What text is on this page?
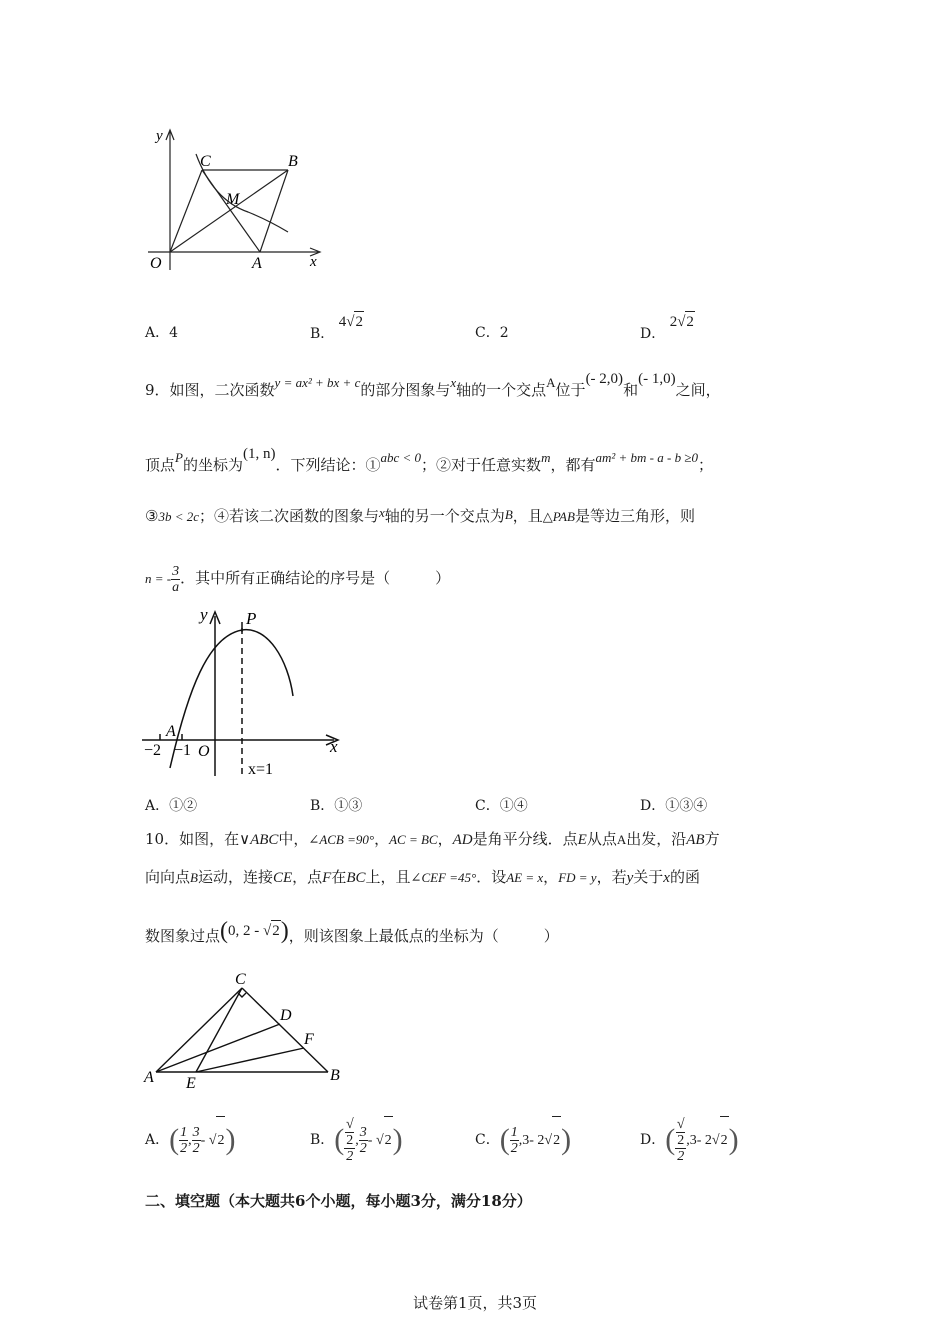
y
x
O	A
B
C
M
A．4	B． 4√2
C．2	D． 2√2
9．如图，二次函数y = ax² + bx + c的部分图象与x轴的一个交点A位于(- 2,0)和(- 1,0)之间，
顶点P的坐标为(1, n)．下列结论：①abc < 0；②对于任意实数m，都有am² + bm - a - b ≥0；
③3b < 2c；④若该二次函数的图象与x轴的另一个交点为B，且△PAB是等边三角形，则
n = - $\frac{3}{a}$ ．其中所有正确结论的序号是（　　　）
y
x
P
A
O
−2 −1
x=1
A．①②	B．①③	C．①④	D．①③④
10．如图，在∨ABC中，∠ACB =90°，AC = BC，AD是角平分线．点E从点A出发，沿AB方
向向点B运动，连接CE，点F在BC上，且∠CEF =45°．设AE = x，FD = y，若y关于x的函
数图象过点(0, 2 - √2)，则该图象上最低点的坐标为（　　　）
C
D
F
A E	B
A．( $\frac{1}{2}$ , $\frac{3}{2} - √2$)	B．( √
2
2 , $\frac{3}{2} - √2$)	C．( $\frac{1}{2} ,3-$ 2√2)	D．( √
2
2 ,3- 2√2)
二、填空题（本大题共6个小题，每小题3分，满分18分）
试卷第1页，共3页
